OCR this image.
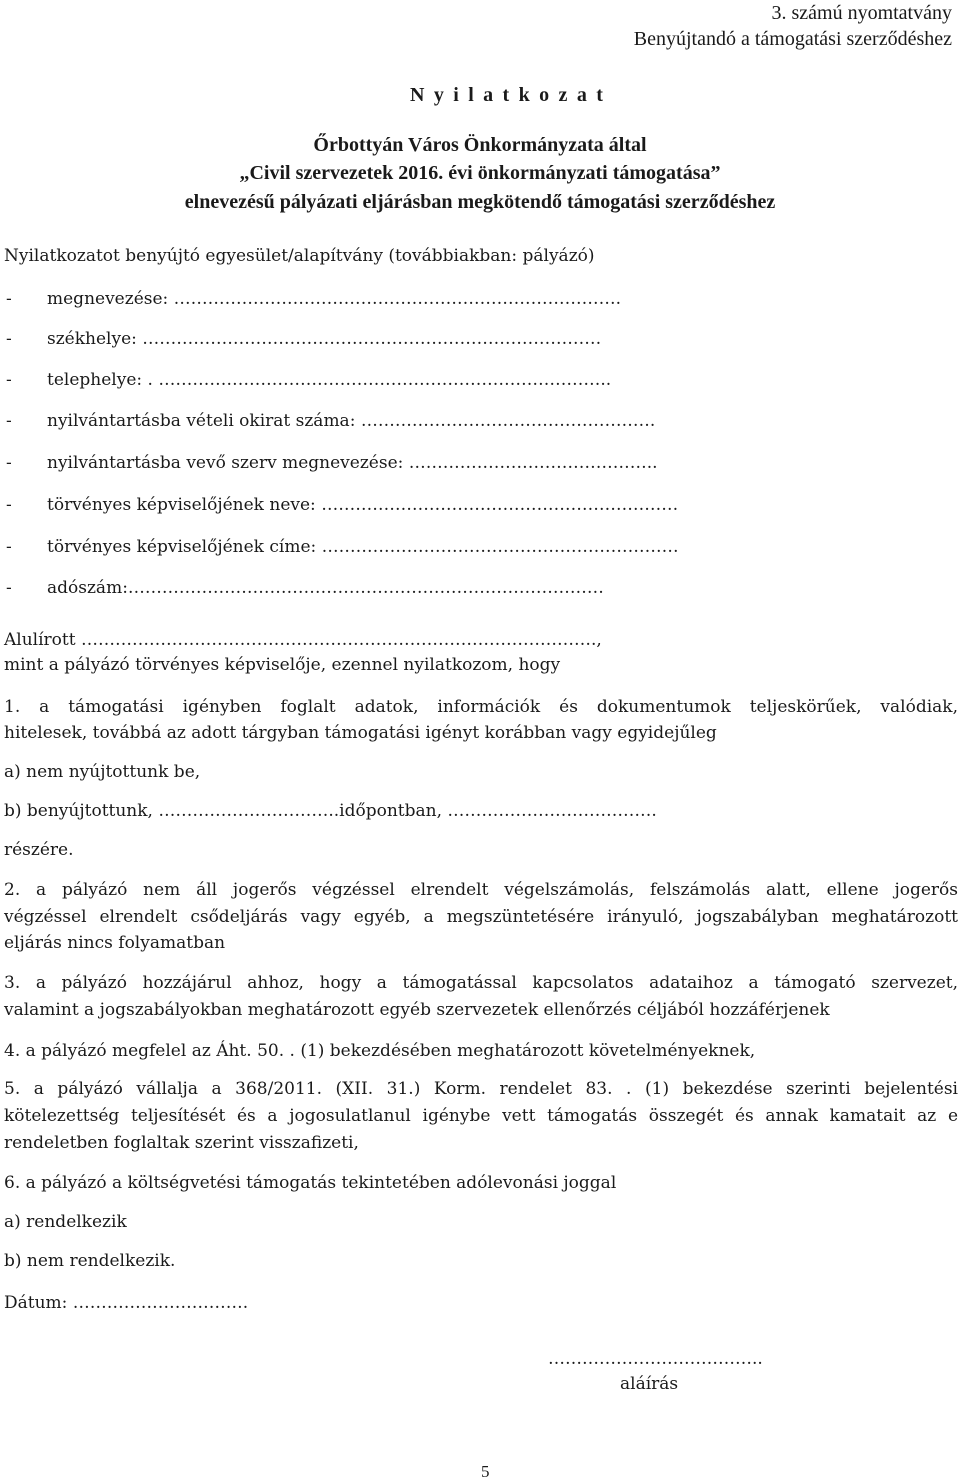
3. számú nyomtatvány

Benyújtandó a támogatási szerződéshez

N y i l a t k o z a t

Őrbottyán Város Önkormányzata által

„Civil szervezetek 2016. évi önkormányzati támogatása”

elnevezésű pályázati eljárásban megkötendő támogatási szerződéshez

Nyilatkozatot benyújtó egyesület/alapítvány (továbbiakban: pályázó)

- megnevezése: …………………………………………………………………….

- székhelye: ………………………………………………………………………

- telephelye: . ……………………………………………………………………..

- nyilvántartásba vételi okirat száma: …………………………………………….

- nyilvántartásba vevő szerv megnevezése: ……………………………………..

- törvényes képviselőjének neve: ………………………………………………………

- törvényes képviselőjének címe: ………………………………………………………

- adószám:…………………………………………………………………………

Alulírott ……………………………………………………………………………….,

mint a pályázó törvényes képviselője, ezennel nyilatkozom, hogy

1. a támogatási igényben foglalt adatok, információk és dokumentumok teljeskörűek, valódiak,

hitelesek, továbbá az adott tárgyban támogatási igényt korábban vagy egyidejűleg

a) nem nyújtottunk be,

b) benyújtottunk, …………………………..időpontban, ……………………………….

részére.

2. a pályázó nem áll jogerős végzéssel elrendelt végelszámolás, felszámolás alatt, ellene jogerős

végzéssel elrendelt csődeljárás vagy egyéb, a megszüntetésére irányuló, jogszabályban meghatározott

eljárás nincs folyamatban

3. a pályázó hozzájárul ahhoz, hogy a támogatással kapcsolatos adataihoz a támogató szervezet,

valamint a jogszabályokban meghatározott egyéb szervezetek ellenőrzés céljából hozzáférjenek

4. a pályázó megfelel az Áht. 50. . (1) bekezdésében meghatározott követelményeknek,

5. a pályázó vállalja a 368/2011. (XII. 31.) Korm. rendelet 83. . (1) bekezdése szerinti bejelentési

kötelezettség teljesítését és a jogosulatlanul igénybe vett támogatás összegét és annak kamatait az e

rendeletben foglaltak szerint visszafizeti,

6. a pályázó a költségvetési támogatás tekintetében adólevonási joggal

a) rendelkezik

b) nem rendelkezik.

Dátum: ………………………….

………………………………..

aláírás

5
